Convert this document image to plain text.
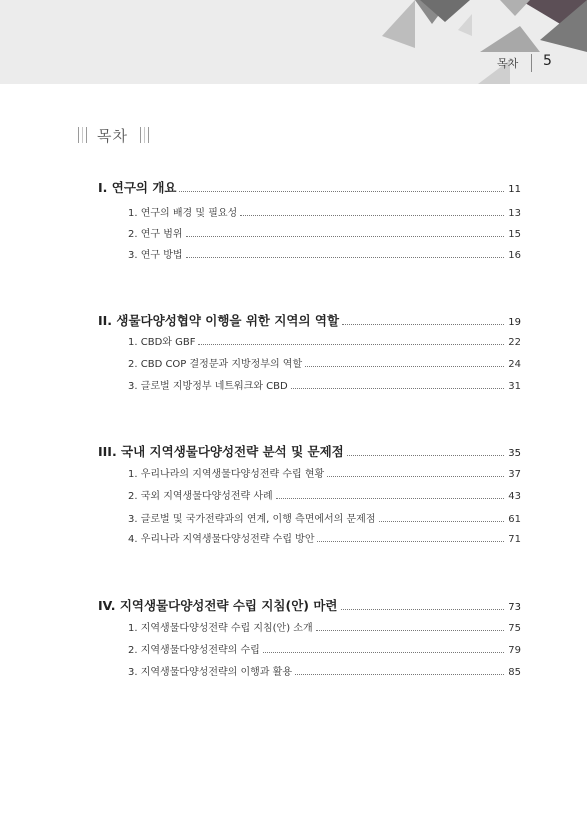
목차 5
목차
I. 연구의 개요	11
1. 연구의 배경 및 필요성	13
2. 연구 범위	15
3. 연구 방법	16
II. 생물다양성협약 이행을 위한 지역의 역할	19
1. CBD와 GBF	22
2. CBD COP 결정문과 지방정부의 역할	24
3. 글로벌 지방정부 네트워크와 CBD	31
III. 국내 지역생물다양성전략 분석 및 문제점	35
1. 우리나라의 지역생물다양성전략 수립 현황	37
2. 국외 지역생물다양성전략 사례	43
3. 글로벌 및 국가전략과의 연계, 이행 측면에서의 문제점	61
4. 우리나라 지역생물다양성전략 수립 방안	71
IV. 지역생물다양성전략 수립 지침(안) 마련	73
1. 지역생물다양성전략 수립 지침(안) 소개	75
2. 지역생물다양성전략의 수립	79
3. 지역생물다양성전략의 이행과 활용	85
